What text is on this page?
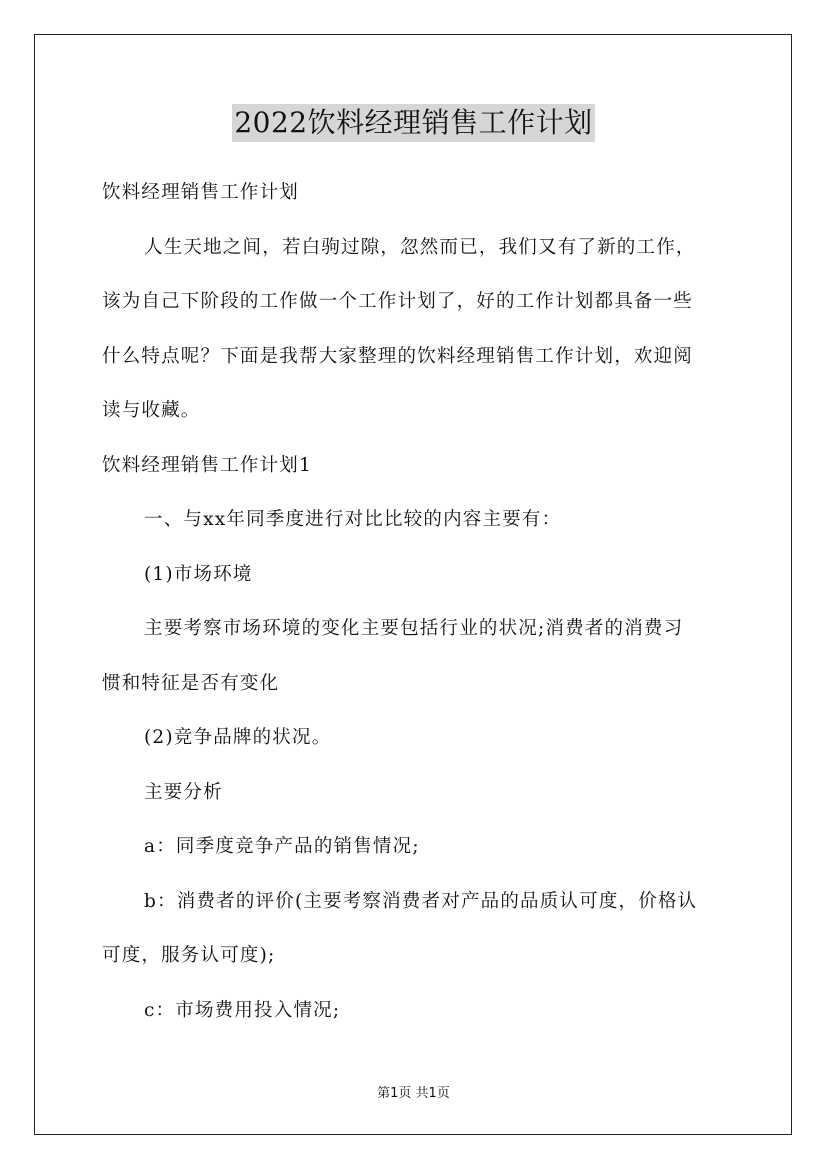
2022饮料经理销售工作计划

饮料经理销售工作计划

人生天地之间，若白驹过隙，忽然而已，我们又有了新的工作，

该为自己下阶段的工作做一个工作计划了，好的工作计划都具备一些

什么特点呢？下面是我帮大家整理的饮料经理销售工作计划，欢迎阅

读与收藏。

饮料经理销售工作计划1

一、与xx年同季度进行对比比较的内容主要有：

(1)市场环境

主要考察市场环境的变化主要包括行业的状况;消费者的消费习

惯和特征是否有变化

(2)竞争品牌的状况。

主要分析

a：同季度竞争产品的销售情况;

b：消费者的评价(主要考察消费者对产品的品质认可度，价格认

可度，服务认可度);

c：市场费用投入情况;

第1页 共1页
